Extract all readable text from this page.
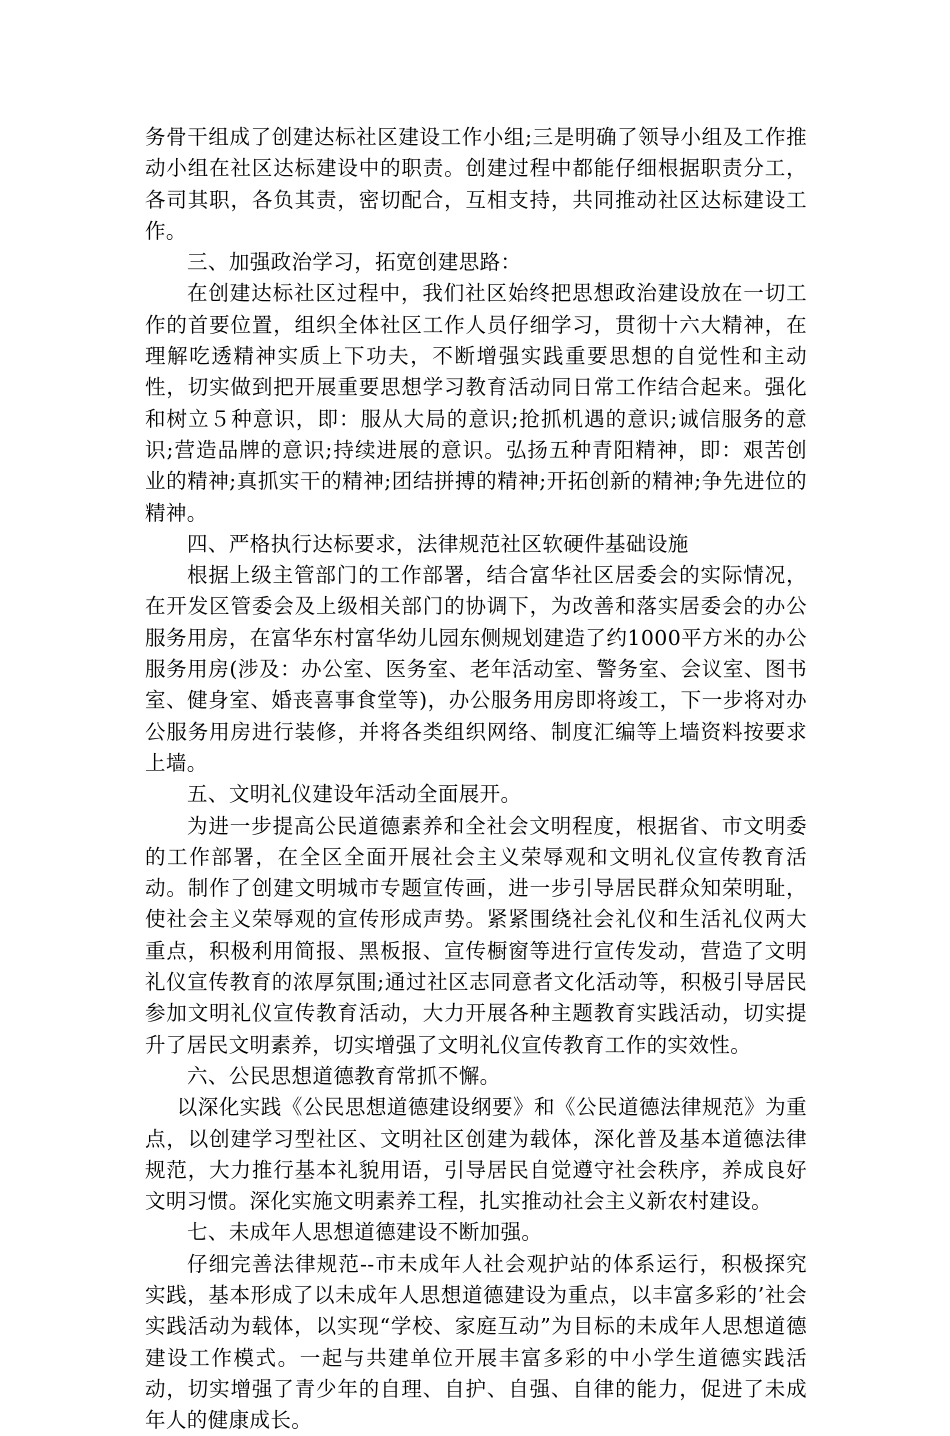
务骨干组成了创建达标社区建设工作小组;三是明确了领导小组及工作推动小组在社区达标建设中的职责。创建过程中都能仔细根据职责分工，各司其职，各负其责，密切配合，互相支持，共同推动社区达标建设工作。

三、加强政治学习，拓宽创建思路：

在创建达标社区过程中，我们社区始终把思想政治建设放在一切工作的首要位置，组织全体社区工作人员仔细学习，贯彻十六大精神，在理解吃透精神实质上下功夫，不断增强实践重要思想的自觉性和主动性，切实做到把开展重要思想学习教育活动同日常工作结合起来。强化和树立５种意识，即：服从大局的意识;抢抓机遇的意识;诚信服务的意识;营造品牌的意识;持续进展的意识。弘扬五种青阳精神，即：艰苦创业的精神;真抓实干的精神;团结拼搏的精神;开拓创新的精神;争先进位的精神。

四、严格执行达标要求，法律规范社区软硬件基础设施

根据上级主管部门的工作部署，结合富华社区居委会的实际情况，在开发区管委会及上级相关部门的协调下，为改善和落实居委会的办公服务用房，在富华东村富华幼儿园东侧规划建造了约1000平方米的办公服务用房(涉及：办公室、医务室、老年活动室、警务室、会议室、图书室、健身室、婚丧喜事食堂等)，办公服务用房即将竣工，下一步将对办公服务用房进行装修，并将各类组织网络、制度汇编等上墙资料按要求上墙。

五、文明礼仪建设年活动全面展开。

为进一步提高公民道德素养和全社会文明程度，根据省、市文明委的工作部署，在全区全面开展社会主义荣辱观和文明礼仪宣传教育活动。制作了创建文明城市专题宣传画，进一步引导居民群众知荣明耻，使社会主义荣辱观的宣传形成声势。紧紧围绕社会礼仪和生活礼仪两大重点，积极利用简报、黑板报、宣传橱窗等进行宣传发动，营造了文明礼仪宣传教育的浓厚氛围;通过社区志同意者文化活动等，积极引导居民参加文明礼仪宣传教育活动，大力开展各种主题教育实践活动，切实提升了居民文明素养，切实增强了文明礼仪宣传教育工作的实效性。

六、公民思想道德教育常抓不懈。

以深化实践《公民思想道德建设纲要》和《公民道德法律规范》为重点，以创建学习型社区、文明社区创建为载体，深化普及基本道德法律规范，大力推行基本礼貌用语，引导居民自觉遵守社会秩序，养成良好文明习惯。深化实施文明素养工程，扎实推动社会主义新农村建设。

七、未成年人思想道德建设不断加强。

仔细完善法律规范--市未成年人社会观护站的体系运行，积极探究实践，基本形成了以未成年人思想道德建设为重点，以丰富多彩的’社会实践活动为载体，以实现“学校、家庭互动”为目标的未成年人思想道德建设工作模式。一起与共建单位开展丰富多彩的中小学生道德实践活动，切实增强了青少年的自理、自护、自强、自律的能力，促进了未成年人的健康成长。
